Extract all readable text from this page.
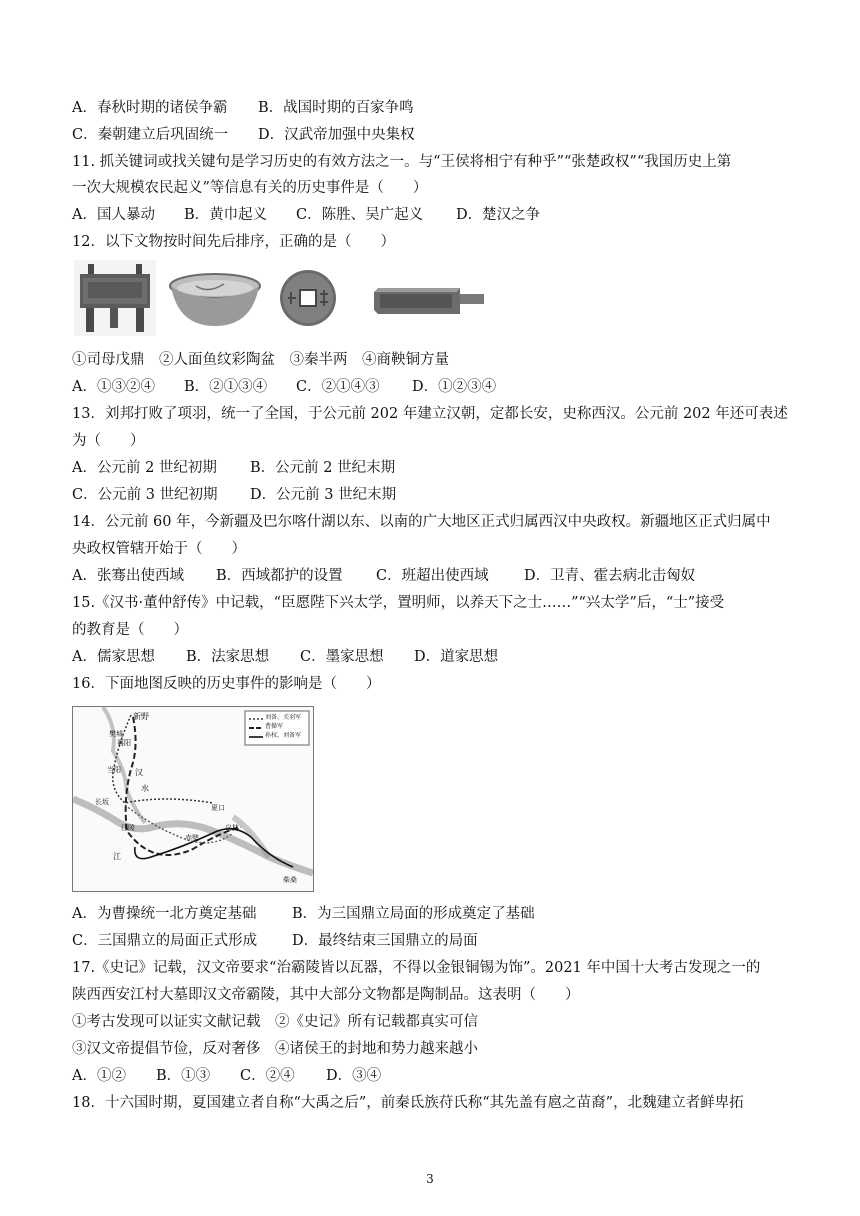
A．春秋时期的诸侯争霸 B．战国时期的百家争鸣
C．秦朝建立后巩固统一 D．汉武帝加强中央集权
11. 抓关键词或找关键句是学习历史的有效方法之一。与“王侯将相宁有种乎”“张楚政权”“我国历史上第
一次大规模农民起义”等信息有关的历史事件是（　　）
A．国人暴动 B．黄巾起义 C．陈胜、吴广起义 D．楚汉之争
12．以下文物按时间先后排序，正确的是（　　）
①司母戊鼎　②人面鱼纹彩陶盆　③秦半两　④商鞅铜方量
A．①③②④ B．②①③④ C．②①④③ D．①②③④
13．刘邦打败了项羽，统一了全国，于公元前 202 年建立汉朝，定都长安，史称西汉。公元前 202 年还可表述
为（　　）
A．公元前 2 世纪初期 B．公元前 2 世纪末期
C．公元前 3 世纪初期 D．公元前 3 世纪末期
14．公元前 60 年，今新疆及巴尔喀什湖以东、以南的广大地区正式归属西汉中央政权。新疆地区正式归属中
央政权管辖开始于（　　）
A．张骞出使西域 B．西域都护的设置 C．班超出使西域 D．卫青、霍去病北击匈奴
15.《汉书·董仲舒传》中记载，“臣愿陛下兴太学，置明师，以养天下之士……”“兴太学”后，“士”接受
的教育是（　　）
A．儒家思想 B．法家思想 C．墨家思想 D．道家思想
16．下面地图反映的历史事件的影响是（　　）
刘备、关羽军
曹操军
孙权、刘备军
新野
樊城
襄阳
当阳 汉
水
长坂
夏口
江陵	乌林
赤壁
江
柴桑
A．为曹操统一北方奠定基础 B．为三国鼎立局面的形成奠定了基础
C．三国鼎立的局面正式形成 D．最终结束三国鼎立的局面
17.《史记》记载，汉文帝要求“治霸陵皆以瓦器，不得以金银铜锡为饰”。2021 年中国十大考古发现之一的
陕西西安江村大墓即汉文帝霸陵，其中大部分文物都是陶制品。这表明（　　）
①考古发现可以证实文献记载　②《史记》所有记载都真实可信
③汉文帝提倡节俭，反对奢侈　④诸侯王的封地和势力越来越小
A．①② B．①③ C．②④ D．③④
18．十六国时期，夏国建立者自称“大禹之后”，前秦氐族苻氏称“其先盖有扈之苗裔”，北魏建立者鲜卑拓
3
